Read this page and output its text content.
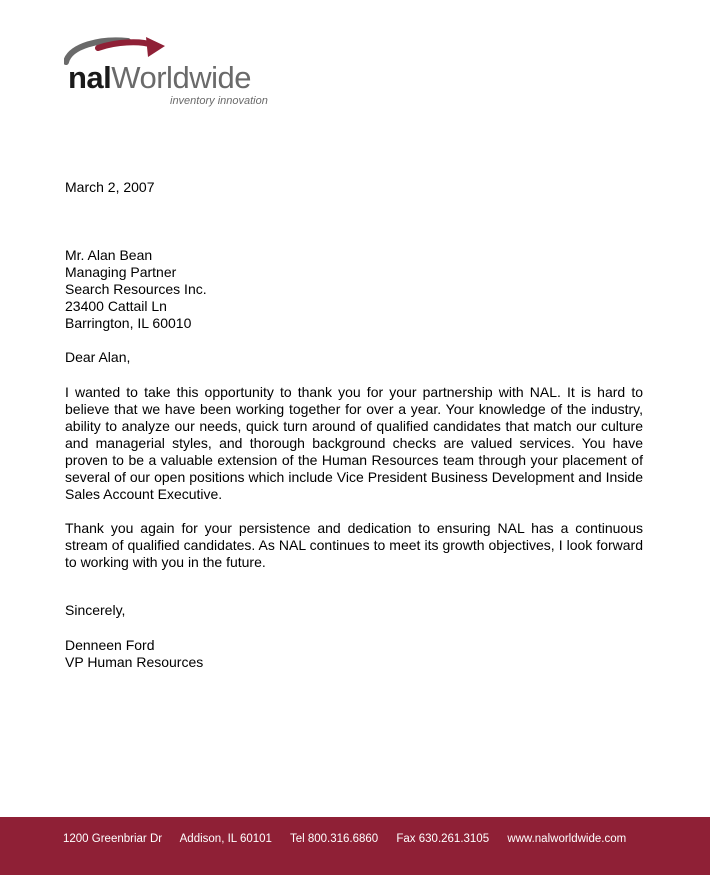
nalWorldwide
inventory innovation
March 2, 2007
Mr. Alan Bean
Managing Partner
Search Resources Inc.
23400 Cattail Ln
Barrington, IL 60010
Dear Alan,
I wanted to take this opportunity to thank you for your partnership with NAL. It is hard to believe that we have been working together for over a year. Your knowledge of the industry, ability to analyze our needs, quick turn around of qualified candidates that match our culture and managerial styles, and thorough background checks are valued services. You have proven to be a valuable extension of the Human Resources team through your placement of several of our open positions which include Vice President Business Development and Inside Sales Account Executive.
Thank you again for your persistence and dedication to ensuring NAL has a continuous stream of qualified candidates. As NAL continues to meet its growth objectives, I look forward to working with you in the future.
Sincerely,
Denneen Ford
VP Human Resources
1200 Greenbriar Dr Addison, IL 60101 Tel 800.316.6860 Fax 630.261.3105 www.nalworldwide.com
